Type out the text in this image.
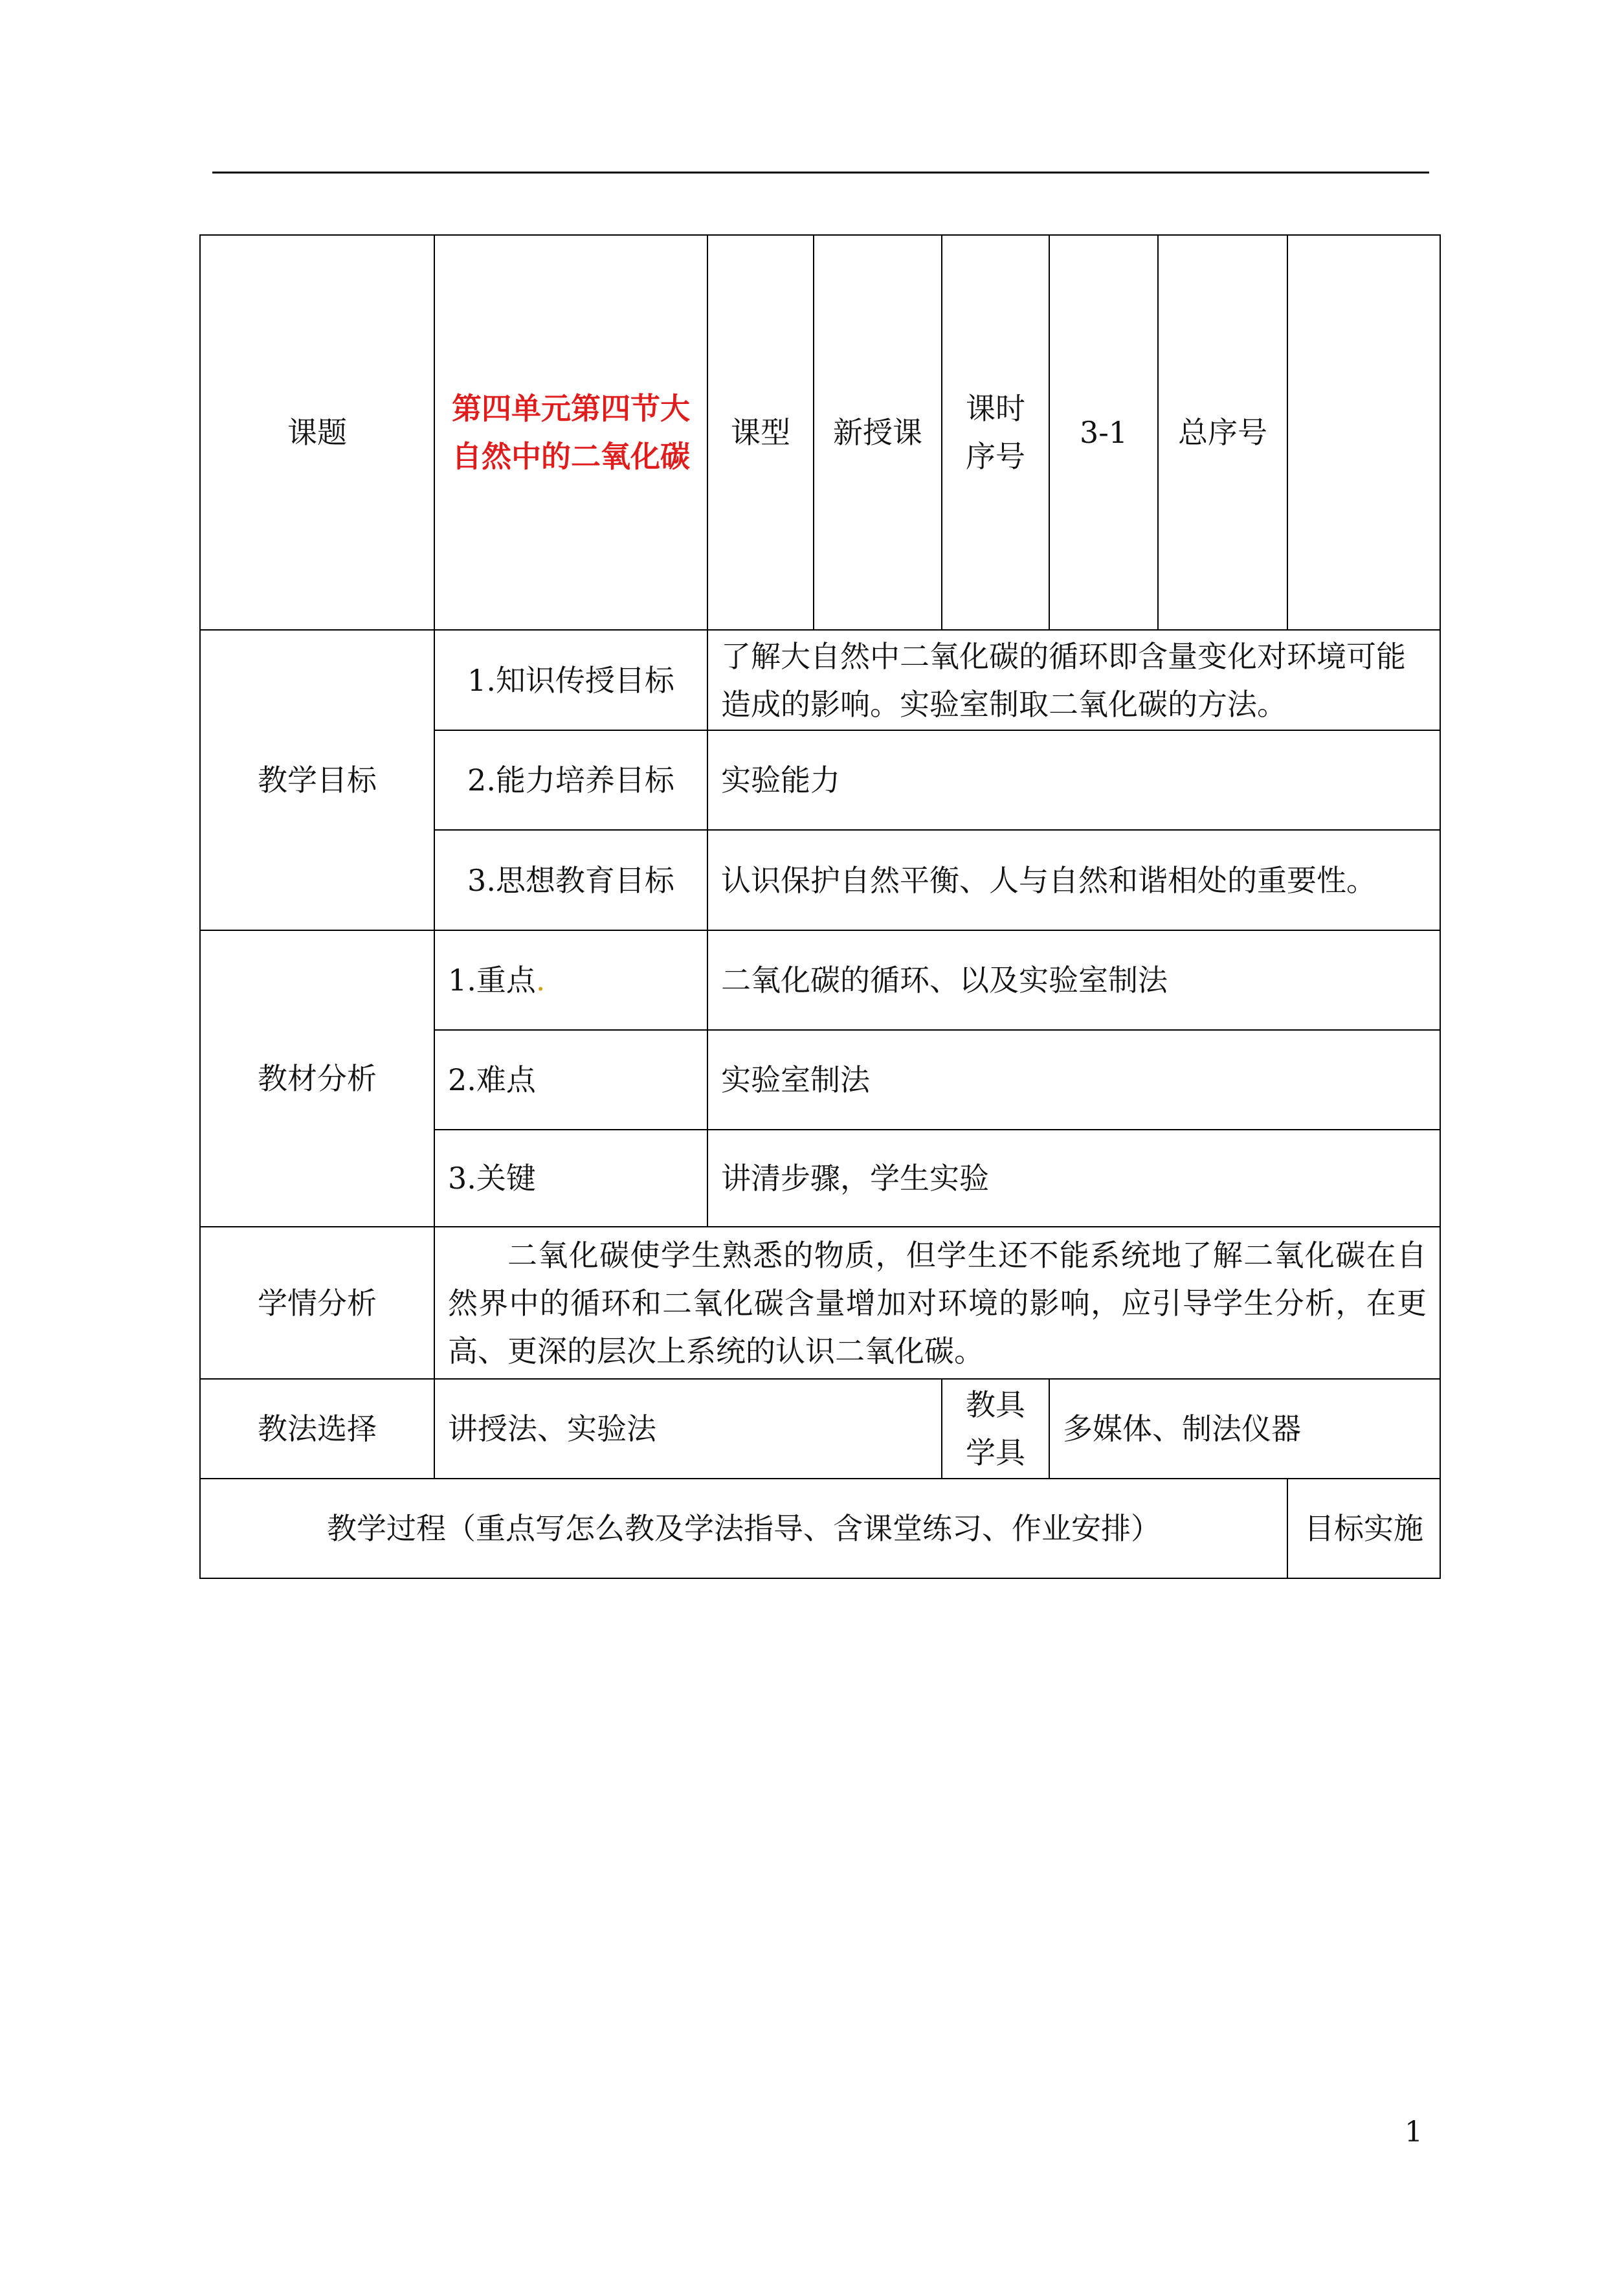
课题	第四单元第四节大自然中的二氧化碳	课型	新授课	课时序号	3-1	总序号	
教学目标	1.知识传授目标	了解大自然中二氧化碳的循环即含量变化对环境可能造成的影响。实验室制取二氧化碳的方法。					
	2.能力培养目标	实验能力					
	3.思想教育目标	认识保护自然平衡、人与自然和谐相处的重要性。					
教材分析	1.重点.	二氧化碳的循环、以及实验室制法					
	2.难点	实验室制法					
	3.关键	讲清步骤，学生实验					
学情分析	二氧化碳使学生熟悉的物质，但学生还不能系统地了解二氧化碳在自然界中的循环和二氧化碳含量增加对环境的影响，应引导学生分析，在更高、更深的层次上系统的认识二氧化碳。						
教法选择	讲授法、实验法			教具学具	多媒体、制法仪器		
教学过程（重点写怎么教及学法指导、含课堂练习、作业安排）							目标实施
1
